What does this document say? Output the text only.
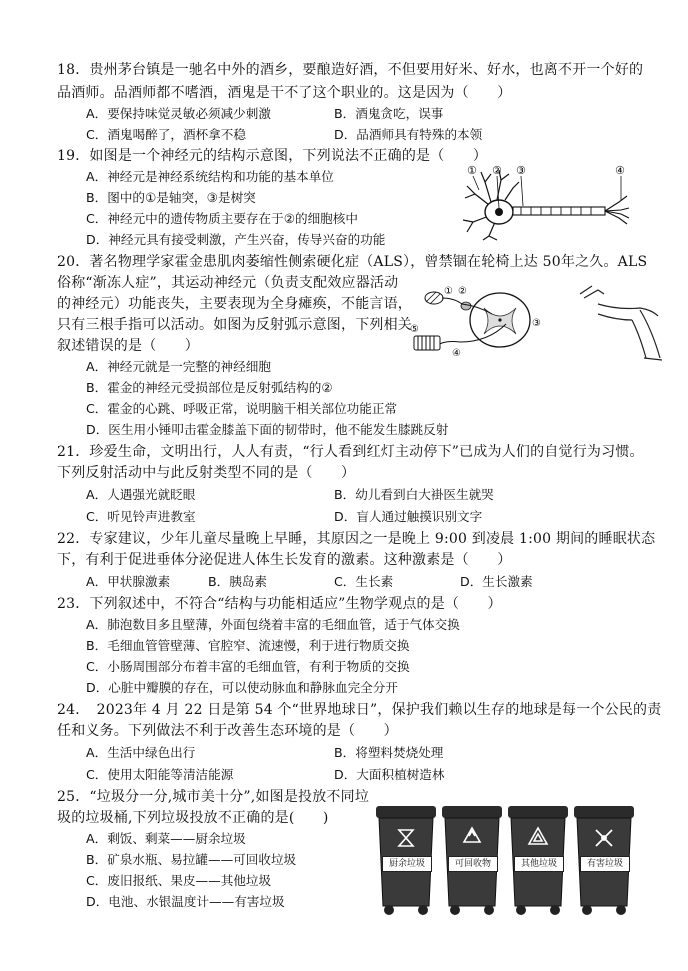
18．贵州茅台镇是一驰名中外的酒乡，要酿造好酒，不但要用好米、好水，也离不开一个好的
品酒师。品酒师都不嗜酒，酒鬼是干不了这个职业的。这是因为（　　）
A．要保持味觉灵敏必须减少刺激	B．酒鬼贪吃，误事
C．酒鬼喝醉了，酒杯拿不稳	D．品酒师具有特殊的本领
19．如图是一个神经元的结构示意图，下列说法不正确的是（　　）
A．神经元是神经系统结构和功能的基本单位
B．图中的①是轴突，③是树突
C．神经元中的遗传物质主要存在于②的细胞核中
D．神经元具有接受刺激，产生兴奋，传导兴奋的功能
① ② ③	④
20．著名物理学家霍金患肌肉萎缩性侧索硬化症（ALS），曾禁锢在轮椅上达 50年之久。ALS
俗称“渐冻人症”，其运动神经元（负责支配效应器活动
的神经元）功能丧失，主要表现为全身瘫痪，不能言语，
只有三根手指可以活动。如图为反射弧示意图，下列相关
叙述错误的是（　　）
A．神经元就是一完整的神经细胞
B．霍金的神经元受损部位是反射弧结构的②
C．霍金的心跳、呼吸正常，说明脑干相关部位功能正常
D．医生用小锤叩击霍金膝盖下面的韧带时，他不能发生膝跳反射
① ②
③
④
⑤
21．珍爱生命，文明出行，人人有责，“行人看到红灯主动停下”已成为人们的自觉行为习惯。
下列反射活动中与此反射类型不同的是（　　）
A．人遇强光就眨眼	B．幼儿看到白大褂医生就哭
C．听见铃声进教室	D．盲人通过触摸识别文字
22．专家建议，少年儿童尽量晚上早睡，其原因之一是晚上 9:00 到凌晨 1:00 期间的睡眠状态
下，有利于促进垂体分泌促进人体生长发育的激素。这种激素是（　　）
A．甲状腺激素	B．胰岛素	C．生长素	D．生长激素
23．下列叙述中，不符合“结构与功能相适应”生物学观点的是（　　）
A．肺泡数目多且壁薄，外面包绕着丰富的毛细血管，适于气体交换
B．毛细血管管壁薄、官腔窄、流速慢，利于进行物质交换
C．小肠周围部分布着丰富的毛细血管，有利于物质的交换
D．心脏中瓣膜的存在，可以使动脉血和静脉血完全分开
24．　2023年 4 月 22 日是第 54 个“世界地球日”，保护我们赖以生存的地球是每一个公民的责
任和义务。下列做法不利于改善生态环境的是（　　）
A．生活中绿色出行	B．将塑料焚烧处理
C．使用太阳能等清洁能源	D．大面积植树造林
25．“垃圾分一分,城市美十分”,如图是投放不同垃
圾的垃圾桶,下列垃圾投放不正确的是(　　)
A．剩饭、剩菜——厨余垃圾
B．矿泉水瓶、易拉罐——可回收垃圾
C．废旧报纸、果皮——其他垃圾
D．电池、水银温度计——有害垃圾
厨余垃圾	可回收物	其他垃圾	有害垃圾
